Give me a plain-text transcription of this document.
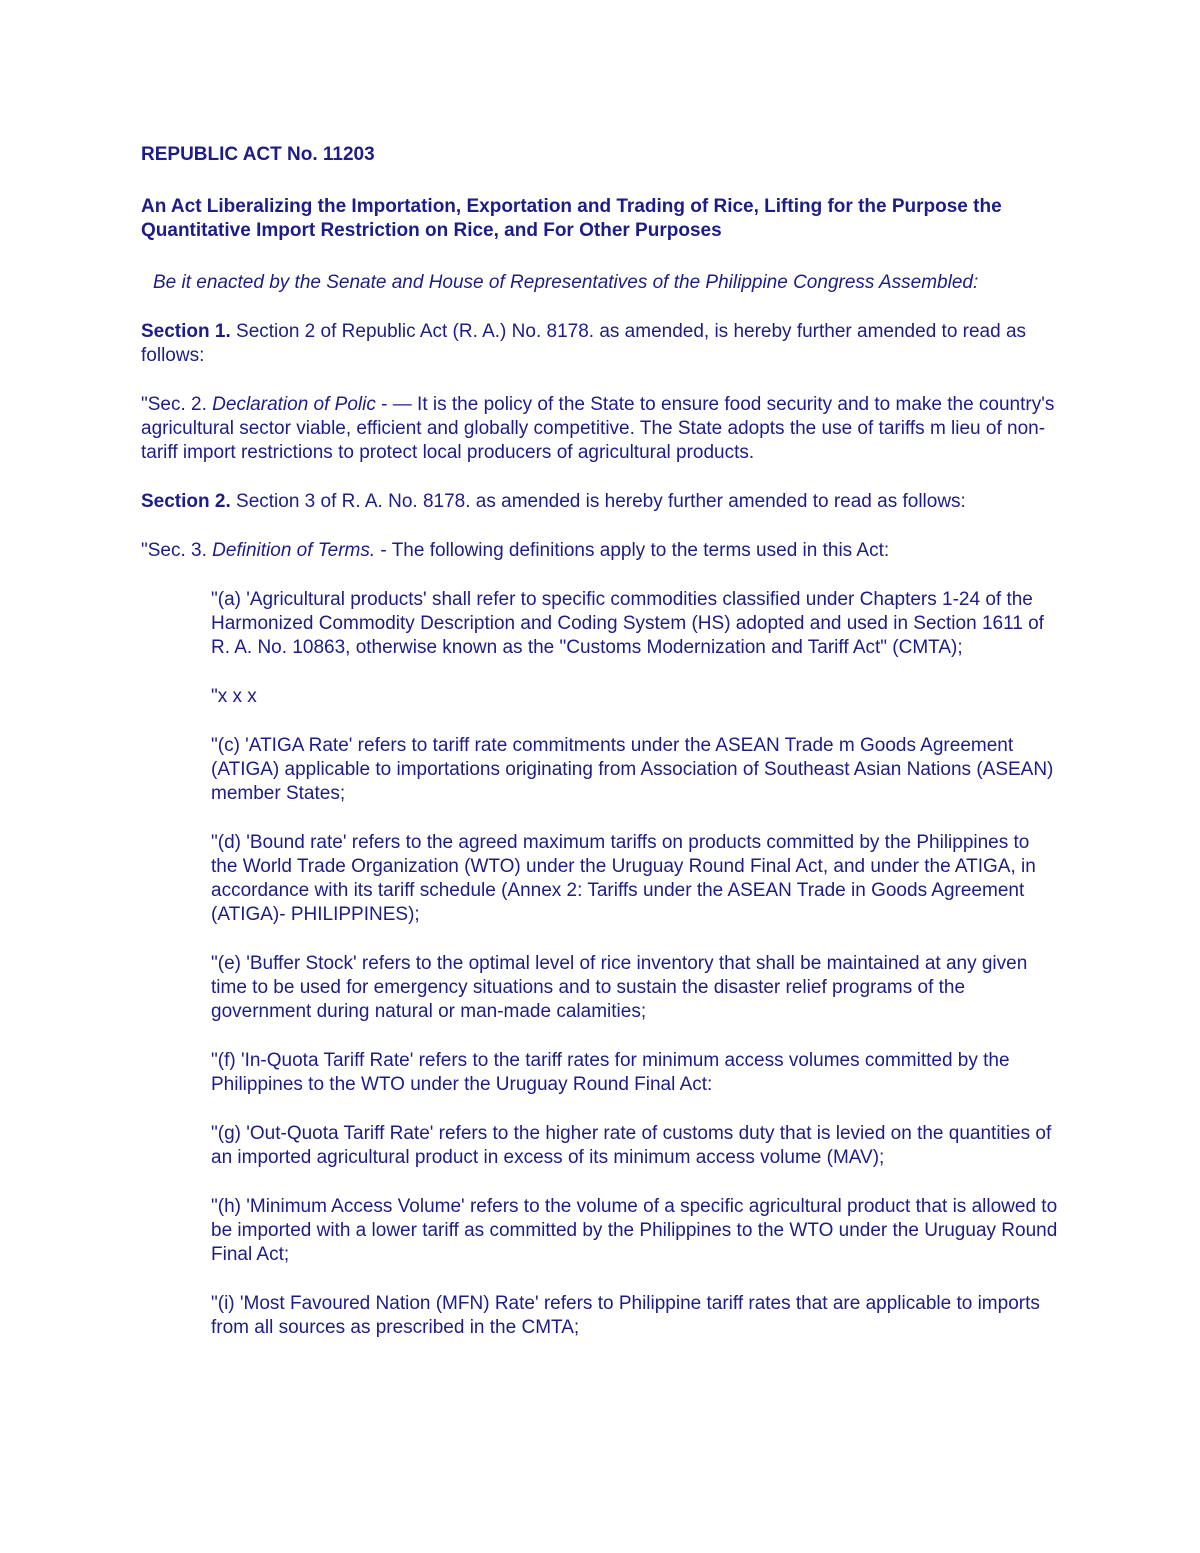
REPUBLIC ACT No. 11203

An Act Liberalizing the Importation, Exportation and Trading of Rice, Lifting for the Purpose the Quantitative Import Restriction on Rice, and For Other Purposes

Be it enacted by the Senate and House of Representatives of the Philippine Congress Assembled:

Section 1. Section 2 of Republic Act (R. A.) No. 8178. as amended, is hereby further amended to read as follows:

"Sec. 2. Declaration of Polic - — It is the policy of the State to ensure food security and to make the country's agricultural sector viable, efficient and globally competitive. The State adopts the use of tariffs m lieu of non-tariff import restrictions to protect local producers of agricultural products.

Section 2. Section 3 of R. A. No. 8178. as amended is hereby further amended to read as follows:

"Sec. 3. Definition of Terms. - The following definitions apply to the terms used in this Act:

"(a) 'Agricultural products' shall refer to specific commodities classified under Chapters 1-24 of the Harmonized Commodity Description and Coding System (HS) adopted and used in Section 1611 of R. A. No. 10863, otherwise known as the "Customs Modernization and Tariff Act" (CMTA);

"x x x

"(c) 'ATIGA Rate' refers to tariff rate commitments under the ASEAN Trade m Goods Agreement (ATIGA) applicable to importations originating from Association of Southeast Asian Nations (ASEAN) member States;

"(d) 'Bound rate' refers to the agreed maximum tariffs on products committed by the Philippines to the World Trade Organization (WTO) under the Uruguay Round Final Act, and under the ATIGA, in accordance with its tariff schedule (Annex 2: Tariffs under the ASEAN Trade in Goods Agreement (ATIGA)- PHILIPPINES);

"(e) 'Buffer Stock' refers to the optimal level of rice inventory that shall be maintained at any given time to be used for emergency situations and to sustain the disaster relief programs of the government during natural or man-made calamities;

"(f) 'In-Quota Tariff Rate' refers to the tariff rates for minimum access volumes committed by the Philippines to the WTO under the Uruguay Round Final Act:

"(g) 'Out-Quota Tariff Rate' refers to the higher rate of customs duty that is levied on the quantities of an imported agricultural product in excess of its minimum access volume (MAV);

"(h) 'Minimum Access Volume' refers to the volume of a specific agricultural product that is allowed to be imported with a lower tariff as committed by the Philippines to the WTO under the Uruguay Round Final Act;

"(i) 'Most Favoured Nation (MFN) Rate' refers to Philippine tariff rates that are applicable to imports from all sources as prescribed in the CMTA;
